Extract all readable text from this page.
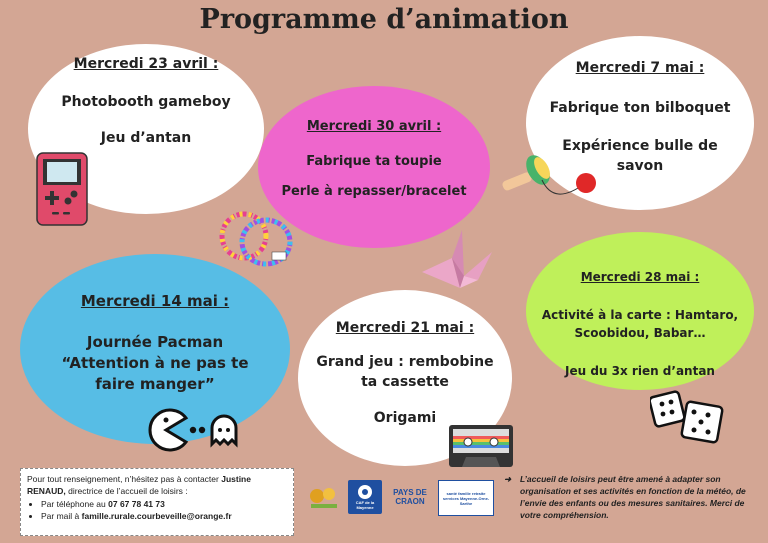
Programme d’animation

Mercredi 23 avril :

Photobooth gameboy

Jeu d’antan

Mercredi 30 avril :

Fabrique ta toupie

Perle à repasser/bracelet

Mercredi 7 mai :

Fabrique ton bilboquet

Expérience bulle de savon

Mercredi 14 mai :

Journée Pacman “Attention à ne pas te faire manger”

Mercredi 21 mai :

Grand jeu : rembobine ta cassette

Origami

Mercredi 28 mai :

Activité à la carte : Hamtaro, Scoobidou, Babar…

Jeu du 3x rien d’antan

Pour tout renseignement, n’hésitez pas à contacter Justine RENAUD, directrice de l’accueil de loisirs :
• Par téléphone au 07 67 78 41 73
• Par mail à famille.rurale.courbeveille@orange.fr
CAF de la Mayenne
PAYS DE CRAON
santé famille retraite services Mayenne-Orne-Sarthe
➜ L’accueil de loisirs peut être amené à adapter son organisation et ses activités en fonction de la météo, de l’envie des enfants ou des mesures sanitaires. Merci de votre compréhension.
